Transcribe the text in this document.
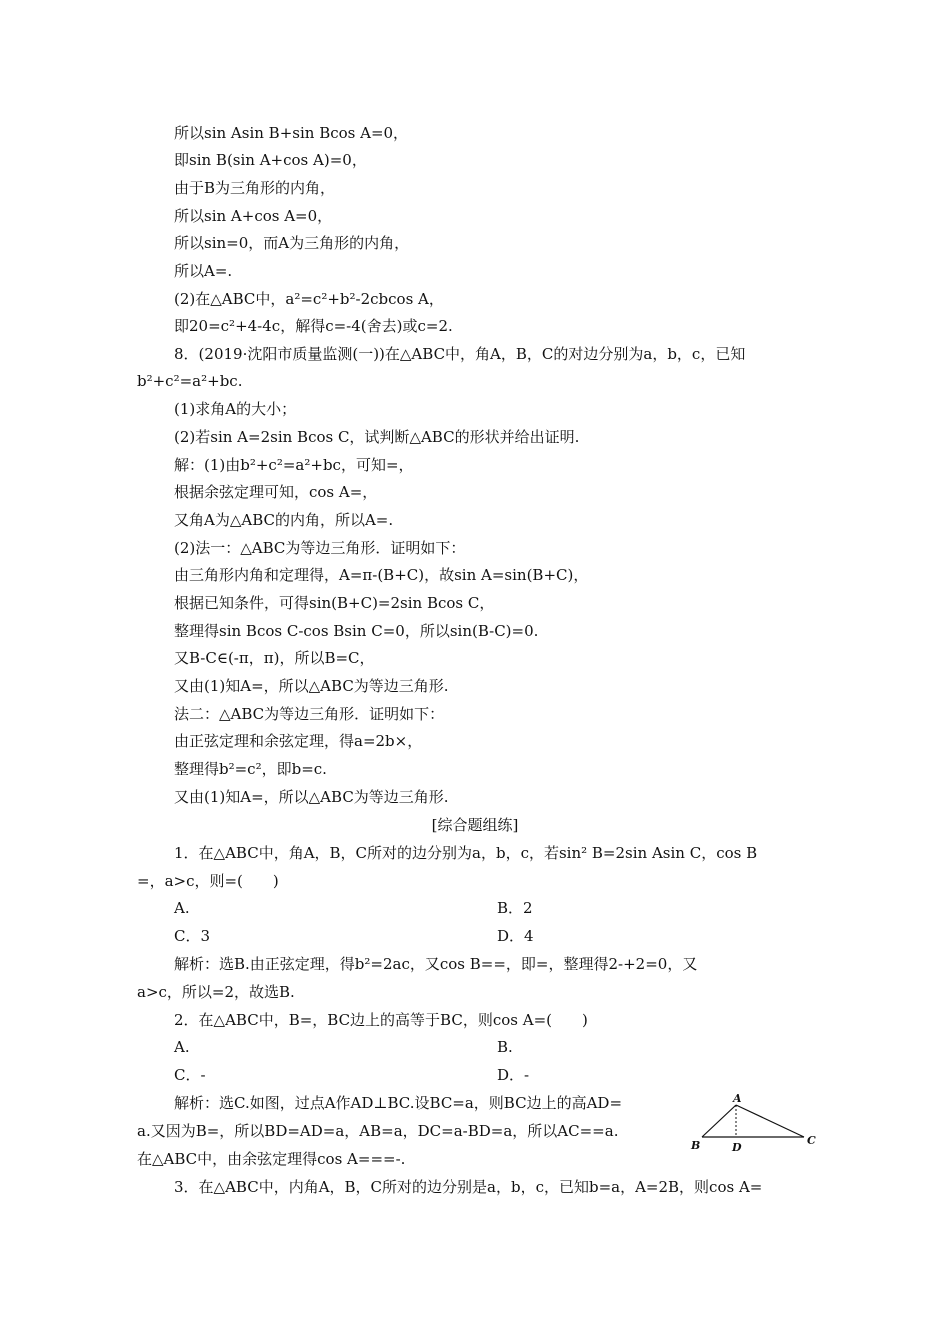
所以sin Asin B+sin Bcos A=0，
即sin B(sin A+cos A)=0，
由于B为三角形的内角，
所以sin A+cos A=0，
所以sin=0，而A为三角形的内角，
所以A=.
(2)在△ABC中，a²=c²+b²-2cbcos A，
即20=c²+4-4c，解得c=-4(舍去)或c=2.
8．(2019·沈阳市质量监测(一))在△ABC中，角A，B，C的对边分别为a，b，c，已知
b²+c²=a²+bc.
(1)求角A的大小；
(2)若sin A=2sin Bcos C，试判断△ABC的形状并给出证明.
解：(1)由b²+c²=a²+bc，可知=，
根据余弦定理可知，cos A=，
又角A为△ABC的内角，所以A=.
(2)法一：△ABC为等边三角形．证明如下：
由三角形内角和定理得，A=π-(B+C)，故sin A=sin(B+C)，
根据已知条件，可得sin(B+C)=2sin Bcos C，
整理得sin Bcos C-cos Bsin C=0，所以sin(B-C)=0.
又B-C∈(-π，π)，所以B=C，
又由(1)知A=，所以△ABC为等边三角形.
法二：△ABC为等边三角形．证明如下：
由正弦定理和余弦定理，得a=2b×，
整理得b²=c²，即b=c.
又由(1)知A=，所以△ABC为等边三角形.
[综合题组练]
1．在△ABC中，角A，B，C所对的边分别为a，b，c，若sin² B=2sin Asin C，cos B
=，a>c，则=(　　)
A.	B．2
C．3	D．4
解析：选B.由正弦定理，得b²=2ac，又cos B==，即=，整理得2-+2=0，又
a>c，所以=2，故选B.
2．在△ABC中，B=，BC边上的高等于BC，则cos A=(　　)
A.	B.
C．-	D．-
解析：选C.如图，过点A作AD⊥BC.设BC=a，则BC边上的高AD=
a.又因为B=，所以BD=AD=a，AB=a，DC=a-BD=a，所以AC==a.
在△ABC中，由余弦定理得cos A===-.
A
B	D
C
3．在△ABC中，内角A，B，C所对的边分别是a，b，c，已知b=a，A=2B，则cos A=
